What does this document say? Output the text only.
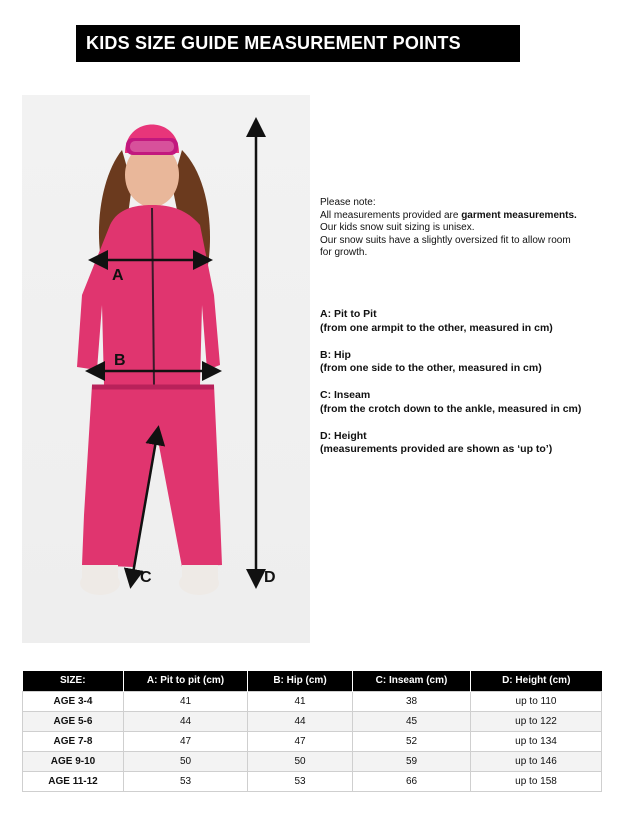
KIDS SIZE GUIDE MEASUREMENT POINTS
A
B
C	D
Please note:
All measurements provided are garment measurements.
Our kids snow suit sizing is unisex.
Our snow suits have a slightly oversized fit to allow room
for growth.
A: Pit to Pit
(from one armpit to the other, measured in cm)
B: Hip
(from one side to the other, measured in cm)
C: Inseam
(from the crotch down to the ankle, measured in cm)
D: Height
(measurements provided are shown as ‘up to’)
SIZE:	A: Pit to pit (cm)	B: Hip (cm)	C: Inseam (cm)	D: Height (cm)
AGE 3-4	41	41	38	up to 110
AGE 5-6	44	44	45	up to 122
AGE 7-8	47	47	52	up to 134
AGE 9-10	50	50	59	up to 146
AGE 11-12	53	53	66	up to 158
